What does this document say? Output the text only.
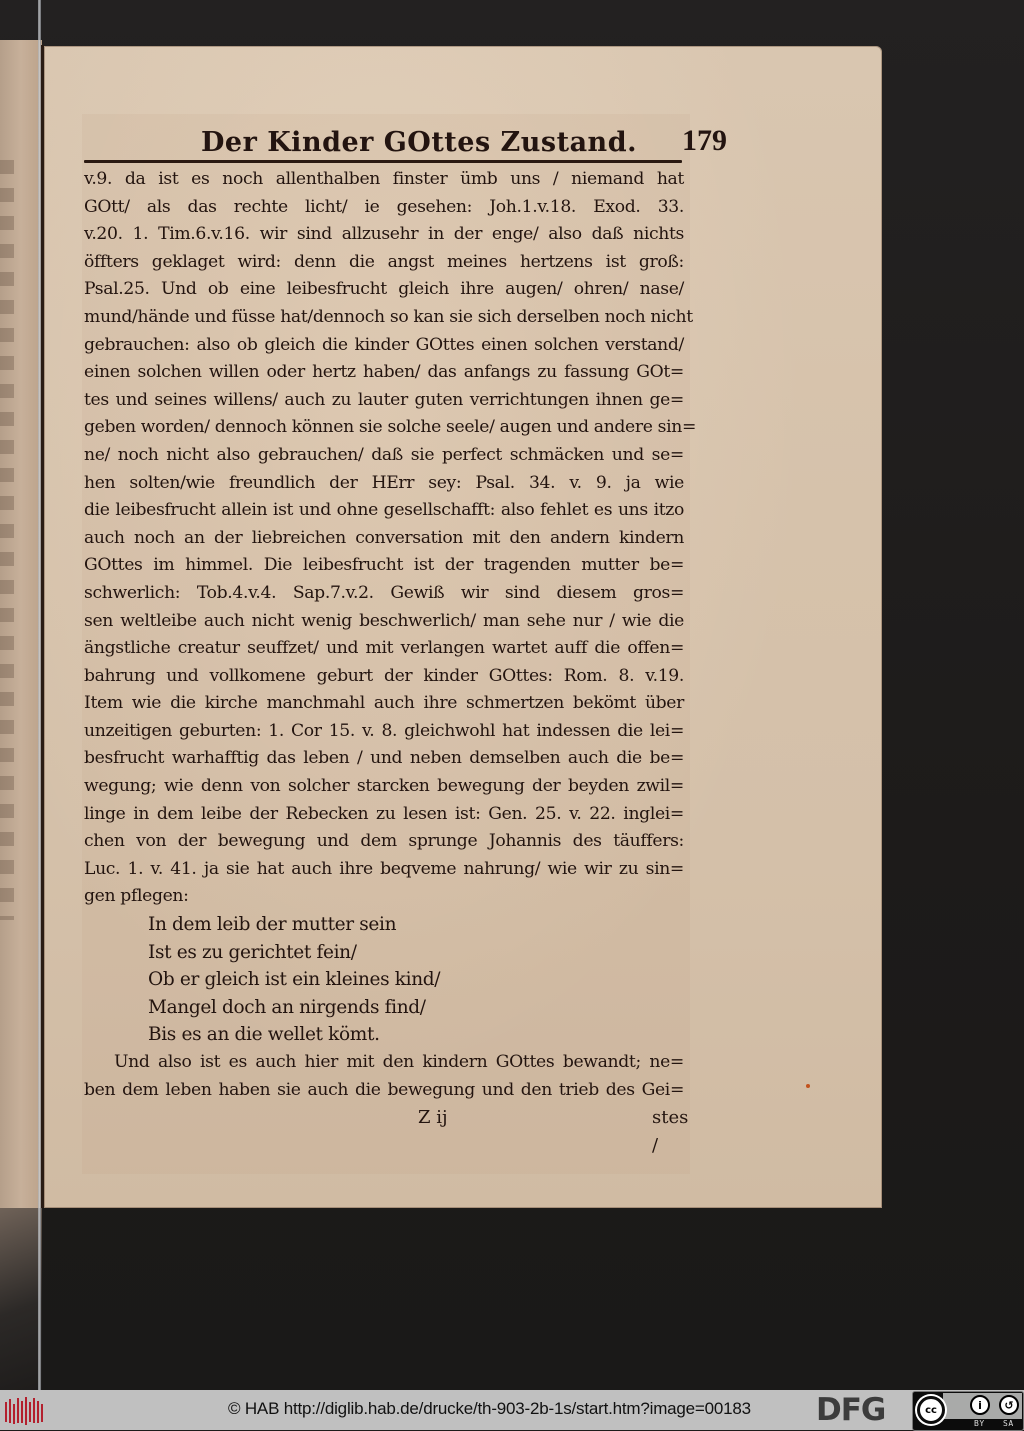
Der Kinder GOttes Zustand. 179
v.9. da ist es noch allenthalben finster ümb uns / niemand hat
GOtt/ als das rechte licht/ ie gesehen: Joh.1.v.18. Exod. 33.
v.20. 1. Tim.6.v.16. wir sind allzusehr in der enge/ also daß nichts
öffters geklaget wird: denn die angst meines hertzens ist groß:
Psal.25. Und ob eine leibesfrucht gleich ihre augen/ ohren/ nase/
mund/hände und füsse hat/dennoch so kan sie sich derselben noch nicht
gebrauchen: also ob gleich die kinder GOttes einen solchen verstand/
einen solchen willen oder hertz haben/ das anfangs zu fassung GOt=
tes und seines willens/ auch zu lauter guten verrichtungen ihnen ge=
geben worden/ dennoch können sie solche seele/ augen und andere sin=
ne/ noch nicht also gebrauchen/ daß sie perfect schmäcken und se=
hen solten/wie freundlich der HErr sey: Psal. 34. v. 9. ja wie
die leibesfrucht allein ist und ohne gesellschafft: also fehlet es uns itzo
auch noch an der liebreichen conversation mit den andern kindern
GOttes im himmel. Die leibesfrucht ist der tragenden mutter be=
schwerlich: Tob.4.v.4. Sap.7.v.2. Gewiß wir sind diesem gros=
sen weltleibe auch nicht wenig beschwerlich/ man sehe nur / wie die
ängstliche creatur seuffzet/ und mit verlangen wartet auff die offen=
bahrung und vollkomene geburt der kinder GOttes: Rom. 8. v.19.
Item wie die kirche manchmahl auch ihre schmertzen bekömt über
unzeitigen geburten: 1. Cor 15. v. 8. gleichwohl hat indessen die lei=
besfrucht warhafftig das leben / und neben demselben auch die be=
wegung; wie denn von solcher starcken bewegung der beyden zwil=
linge in dem leibe der Rebecken zu lesen ist: Gen. 25. v. 22. inglei=
chen von der bewegung und dem sprunge Johannis des täuffers:
Luc. 1. v. 41. ja sie hat auch ihre beqveme nahrung/ wie wir zu sin=
gen pflegen:
In dem leib der mutter sein
Ist es zu gerichtet fein/
Ob er gleich ist ein kleines kind/
Mangel doch an nirgends find/
Bis es an die wellet kömt.
Und also ist es auch hier mit den kindern GOttes bewandt; ne=
ben dem leben haben sie auch die bewegung und den trieb des Gei=
Z ij	stes /
© HAB http://diglib.hab.de/drucke/th-903-2b-1s/start.htm?image=00183 DFG	cc	i	↺
BY SA
